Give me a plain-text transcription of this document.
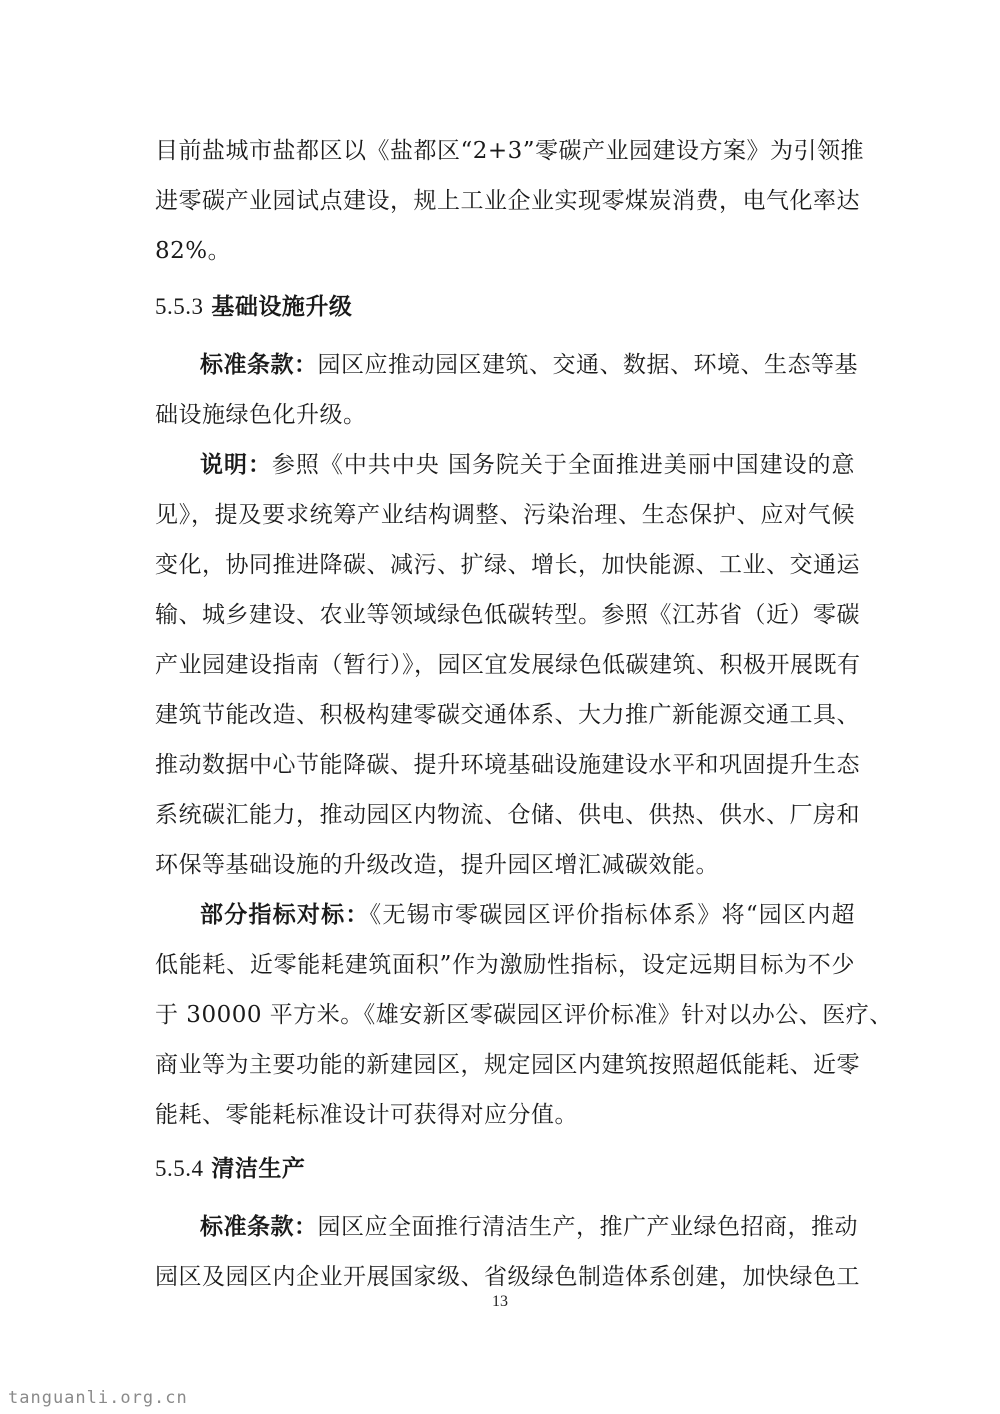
目前盐城市盐都区以《盐都区“2+3”零碳产业园建设方案》为引领推
进零碳产业园试点建设，规上工业企业实现零煤炭消费，电气化率达
82%。
5.5.3 基础设施升级
标准条款：园区应推动园区建筑、交通、数据、环境、生态等基
础设施绿色化升级。
说明：参照《中共中央 国务院关于全面推进美丽中国建设的意
见》，提及要求统筹产业结构调整、污染治理、生态保护、应对气候
变化，协同推进降碳、减污、扩绿、增长，加快能源、工业、交通运
输、城乡建设、农业等领域绿色低碳转型。参照《江苏省（近）零碳
产业园建设指南（暂行）》，园区宜发展绿色低碳建筑、积极开展既有
建筑节能改造、积极构建零碳交通体系、大力推广新能源交通工具、
推动数据中心节能降碳、提升环境基础设施建设水平和巩固提升生态
系统碳汇能力，推动园区内物流、仓储、供电、供热、供水、厂房和
环保等基础设施的升级改造，提升园区增汇减碳效能。
部分指标对标：《无锡市零碳园区评价指标体系》将“园区内超
低能耗、近零能耗建筑面积”作为激励性指标，设定远期目标为不少
于 30000 平方米。《雄安新区零碳园区评价标准》针对以办公、医疗、
商业等为主要功能的新建园区，规定园区内建筑按照超低能耗、近零
能耗、零能耗标准设计可获得对应分值。
5.5.4 清洁生产
标准条款：园区应全面推行清洁生产，推广产业绿色招商，推动
园区及园区内企业开展国家级、省级绿色制造体系创建，加快绿色工
13
tanguanli.org.cn
